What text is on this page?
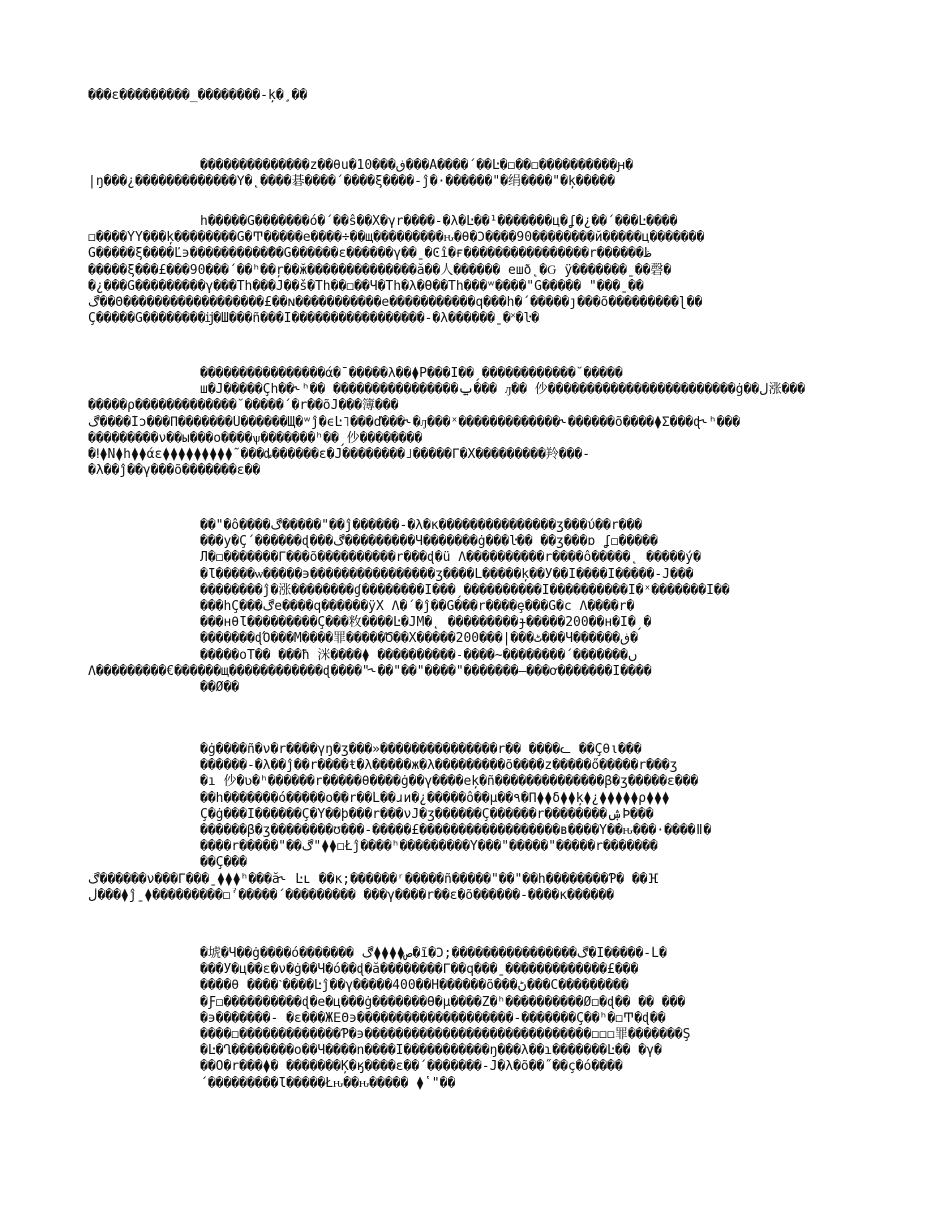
���ε���������_��������-ķ�¸��
��������������z��θu�10���ڧ���A����΄��Ŀ�◻��◻����������ԩ�
|ŋ���¿�������������Ϋ�˛����碁����΄����ξ����-ĵ�·������"�绢����"�ķ�����
h�����G�������ό�΄��ŝ��X�γr����-�λ�Ŀ��¹�������ц�ʆ�¿��΄���Ŀ����
◻����ŶÝ���ķ��������G�Ͳ�����e����÷��щ���������ԋ�θ�Ͻ����90��������й�����ц�������
G�����ξ����Ľ϶����������ޫ��G������ε������γ��ˍ�Ͼî�ғ����������������r������ظ
�����ξ���£���90���΄��ʰ��ŗ��ӂ��������������ă��人������ ешð˛�Ԍ ÿ�������ˍ��磬�
�¿���G���������γ���Th���Ĵ��š�Th��◻��Ч�Th�λ�Ѳ��Th���ʷ����"G����� "���ˍ��
ڰ��Θ������������������£��ɴ�����������e�����������q���h�΄�����ȷ���õ���������ɭ��
Ç�����G��������ĳ�Ш���ñ���Ĭ�����������������-�λ������ˍ�˟�ŀ�
����������������ά�¯�����λ��⧫P���Ĭ��ˏ������������˘�����
ш�Ĵ�����Çh��˞ʰ�� ����������������ݐ��� ԓ�� 仯������������������������ġ��ڷ涨���
�����ρ�������������˘�����΄�r��õĴ���簿���
ڰ����Íɔ���Π�������Ű������Щ�ʷĵ�ϵĿ˥���ď���˞�ԓ���ˣ�������������˞������õ����⧫Σ���ɖ˞ʰ���
���������ν��ы���o����ѱ�������ʰ��ˏ仯��������
�ⵑ⧫N⧫h⧫⧫άε⧫⧫⧫⧫⧫⧫⧫⧫⧫˜���ȡ������ε�Ĵ��������˩�����Γ�X���������羚���-
�λ��ĵ��γ���õ�������ε��
��"�ô����ڰ�����"��ĵ������-�λ�κ���������������ʒ���ύ��r���
���y�Ç΄������ɖ���ڰ���������Ч�������ġ���ŀ�� ��ʒ���ɒ ʆ◻�����
Л�◻�������Γ���õ����������r���ɖ�ü Λ����������r����ô�����˛ �����ý�
�Ɩ�����ѡ�����϶����������������ʒ����L�����ķ��Ў��Ĭ����Ĭ�����-Ĵ���
��������ĵ�涨��������ɠ��������Ĭ���ˏ����������Ĭ����������Ĭ�ˣ�������Ĭ��
���hÇ���ڰe����q������ÿX Λ�΄�ĵ��G���r����ȩ���G�c Λ����r�
���нθƖ���������Ç���敉����Ŀ�ĴМ�˛ ���������ɟ�����200��н�Ĭ�ˏ�
�������ɖΌ���М����罪�����Ծ��X�����200���|���ٹ���Ч������ڧ�
�����oT�� ���ħ 洣����⧫ ����������˗����~��������΄�������ں
Λ���������€������щ������������ɖ����"˞��"��"����"�������—���ơ�������Ĭ����
��Ø��
�ġ����ñ�ν�r����γŋ�ʒ���»���������������r�� ����ᓚ ��Çθι���
������-�λ��ĵ��r����ŧ�λ�����ж�λ���������õ����z�����ő�����r���ʒ
�ı 仯�ʋ�ʰ������r�����θ����ġ��γ����eķ�ñ��������������β�ʒ�����ε���
��h�������ό�����o��r��Ĺ��ɹи�¿�����ô��μ��٩�Π⧫⧫δ⧫⧫ķ⧫¿⧫⧫⧫⧫⧫ρ⧫⧫⧫
Ç�ġ���Ĭ������Ç�Ÿ��þ���r���νĴ�ʒ������Ç������r��������ۺÞ���
������β�ʒ��������ʊ���-�����£������������������ʙ����Ÿ��ԋ���·����ǁ�
����r�����"��ڰ"⧫⧫◻Łĵ����ʰ���������Ÿ���"�����"�����r�������
��Ç���
ڰ������ν���Γ���ˍ⧫⧫⧫ʰ���ă˞ Ŀʟ ��κ;������ʳ�����ñ�����"��"��h��������Ƥ� ��ⴼ
ڵ���⧫ĵˍ⧫���������◻ˀ�����΄��������� ���γ����r��ε�õ������-����κ������
�㙈�Ч��ġ����ό������� ص⧫⧫⧫⧫ڰ�ĩ�Ͻ;����������������ڰ�Ĭ�����-Ĺ�
���У�ц��ɛ�ν�ġ��Ч�ό��ɖ�ă��������Γ��q���ˍ�������������£���
����θ ����ˋ����Ŀĵ��γ�����400��Н������õ���ڻ���C���������
�Ƒ◻����������ɖ�e�ц���ġ�������Ѳ�μ����Z�ʰ����������Ø◻�ɖ�� �� ���
�϶�������- �ε���ЖⴹΘ϶��������������������-�������Ç��ʰ�◻Ͳ�ɖ��
����◻�������������Ƥ�϶�����������������������������◻◻◻罪�������Ş
�Ŀ�Ղ��������o��Ч����n����Ĭ�����������ŋ���λ��ɿ�������Ŀ�� �γ�
��Ö�r���⧫� �������Ķ�ӄ����ε��΄�������-Ĵ�λ�õ��˝��ç�ό����
΄���������Ɩ�����Łԋ��ԋ����� ⧫ʽ"��
